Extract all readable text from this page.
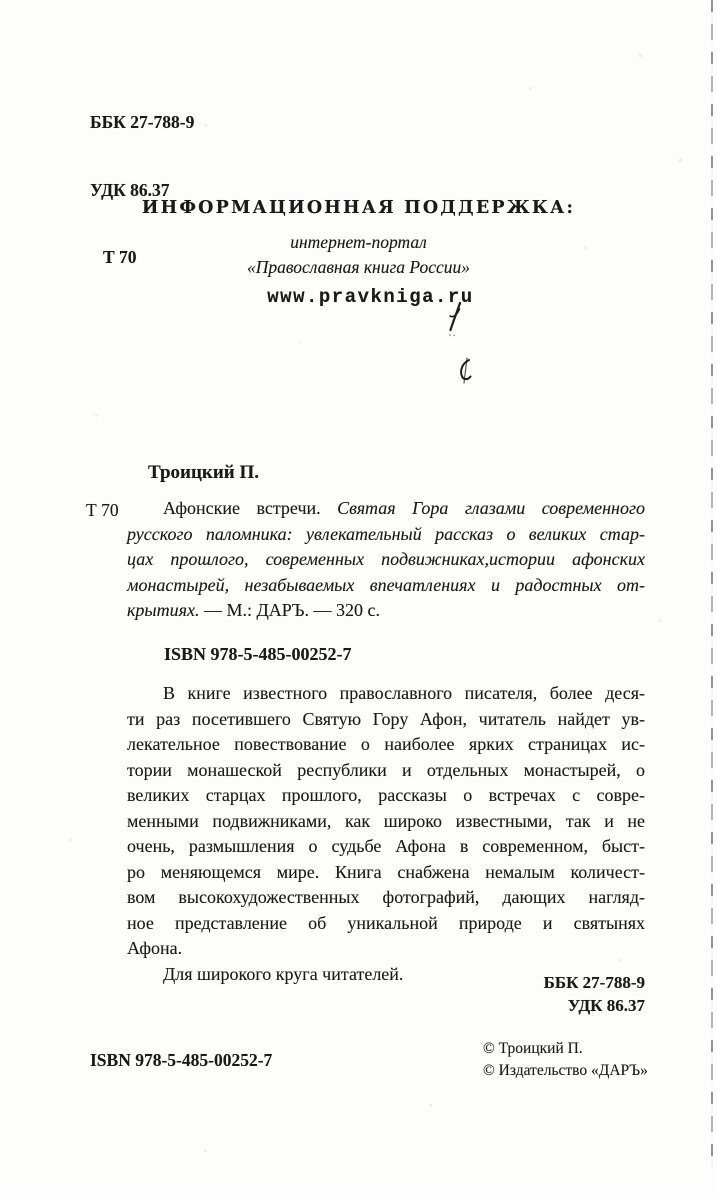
ББК 27-788-9

УДК 86.37

Т 70

ИНФОРМАЦИОННАЯ ПОДДЕРЖКА:
интернет-портал
«Православная книга России»
www.pravkniga.ru
Троицкий П.
Т 70	Афонские встречи. Святая Гора глазами современного
русского паломника: увлекательный рассказ о великих стар-
цах прошлого, современных подвижниках,истории афонских
монастырей, незабываемых впечатлениях и радостных от-
крытиях. — М.: ДАРЪ. — 320 с.
ISBN 978-5-485-00252-7
В книге известного православного писателя, более деся-
ти раз посетившего Святую Гору Афон, читатель найдет ув-
лекательное повествование о наиболее ярких страницах ис-
тории монашеской республики и отдельных монастырей, о
великих старцах прошлого, рассказы о встречах с совре-
менными подвижниками, как широко известными, так и не
очень, размышления о судьбе Афона в современном, быст-
ро меняющемся мире. Книга снабжена немалым количест-
вом высокохудожественных фотографий, дающих нагляд-
ное представление об уникальной природе и святынях
Афона.
Для широкого круга читателей.	ББК 27-788-9
УДК 86.37
ISBN 978-5-485-00252-7
© Троицкий П.
© Издательство «ДАРЪ»
